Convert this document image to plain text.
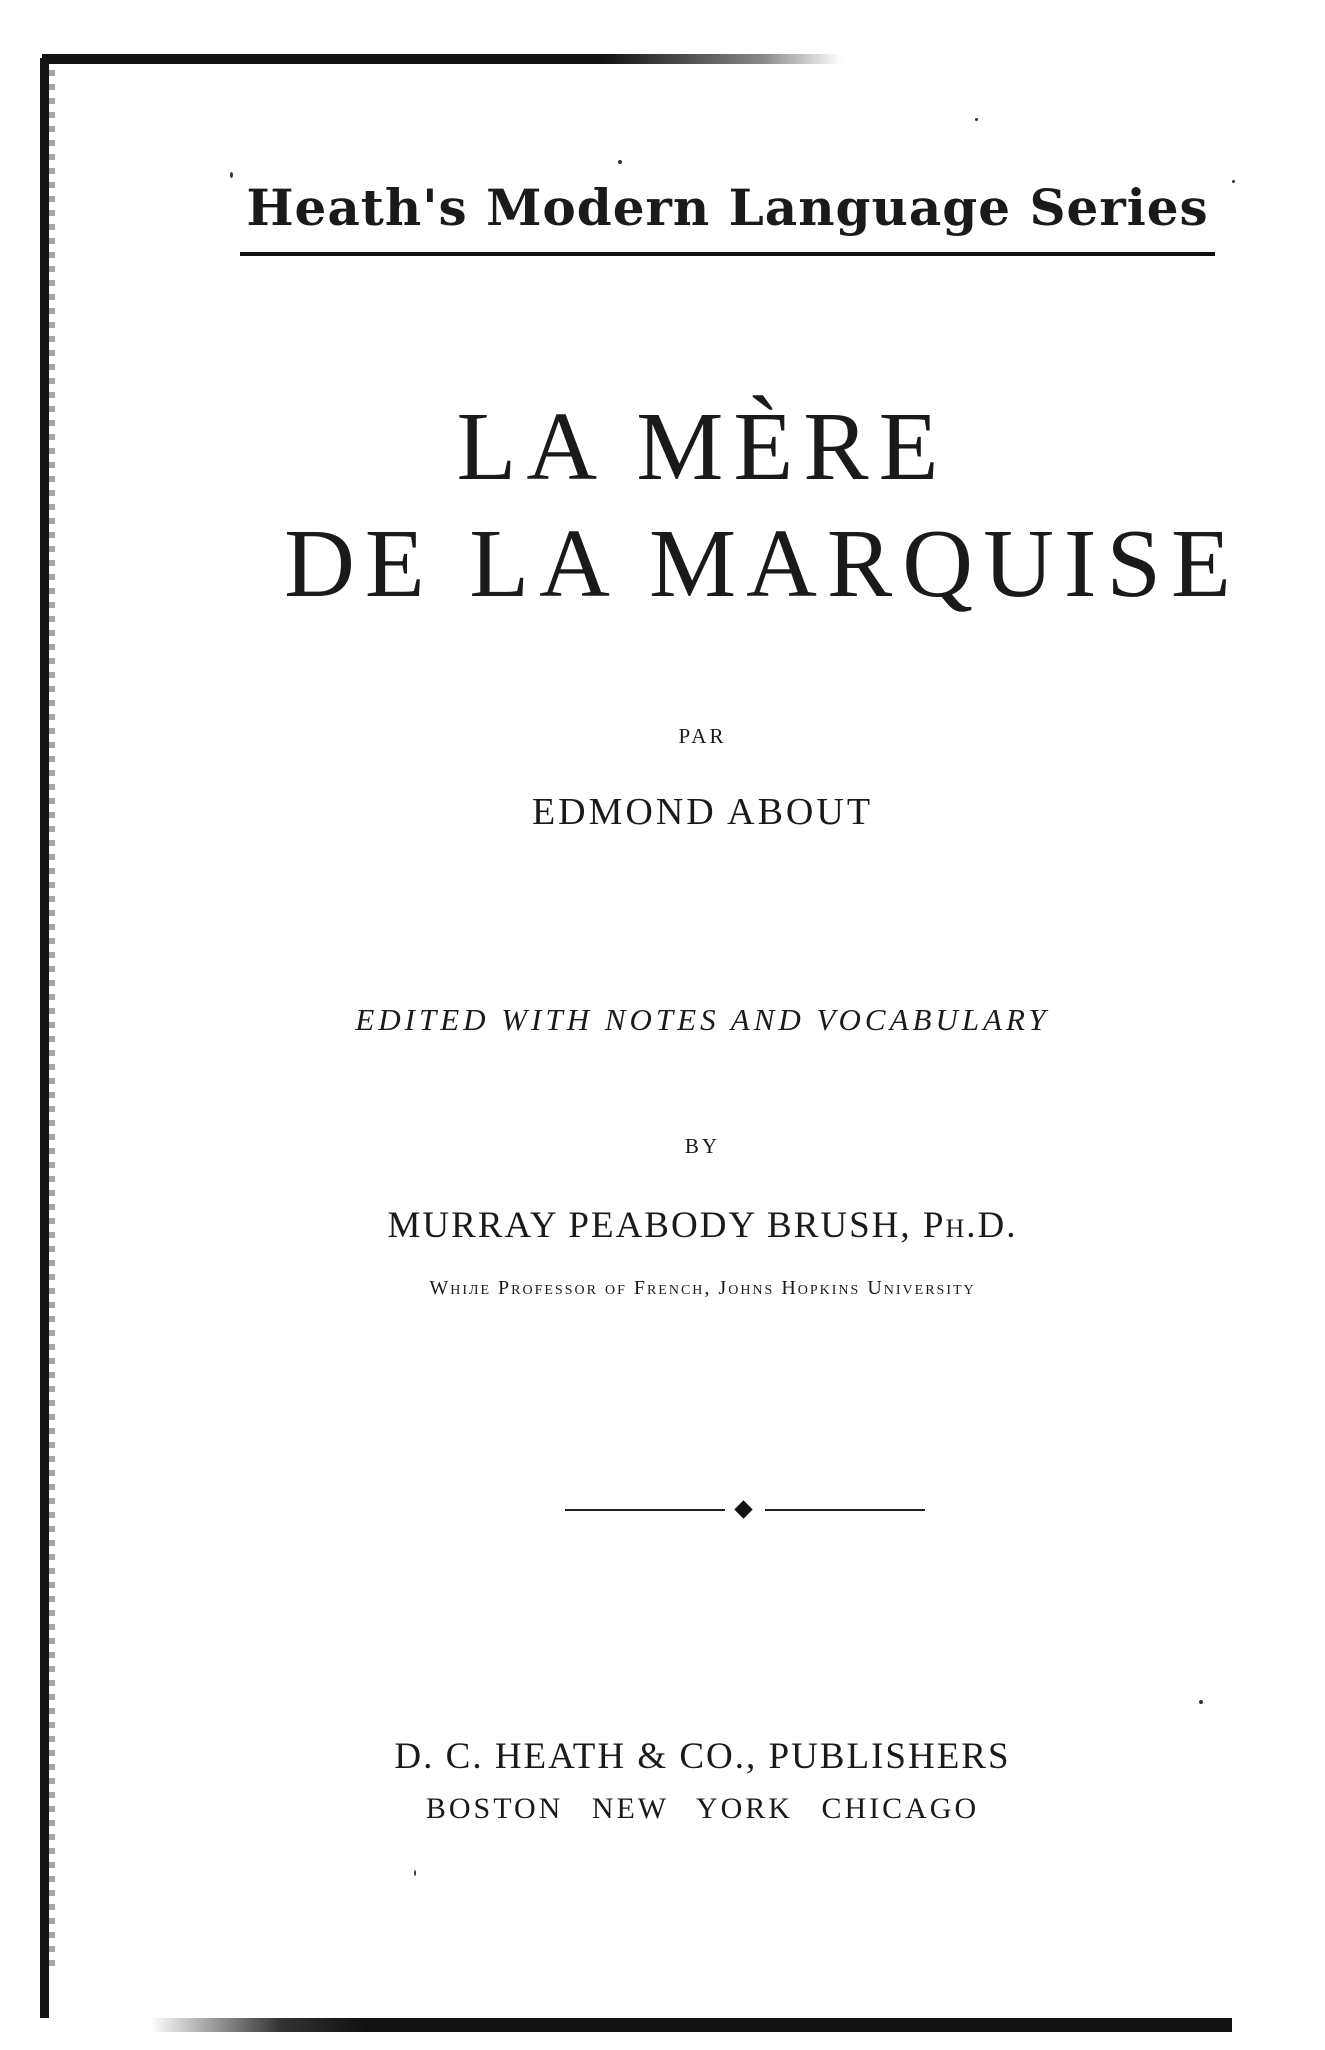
Heath's Modern Language Series
LA MÈRE
DE LA MARQUISE
PAR
EDMOND ABOUT
EDITED WITH NOTES AND VOCABULARY
BY
MURRAY PEABODY BRUSH, Ph.D.
Whiле Professor of French, Johns Hopkins University
D. C. HEATH & CO., PUBLISHERS
BOSTON NEW YORK CHICAGO
